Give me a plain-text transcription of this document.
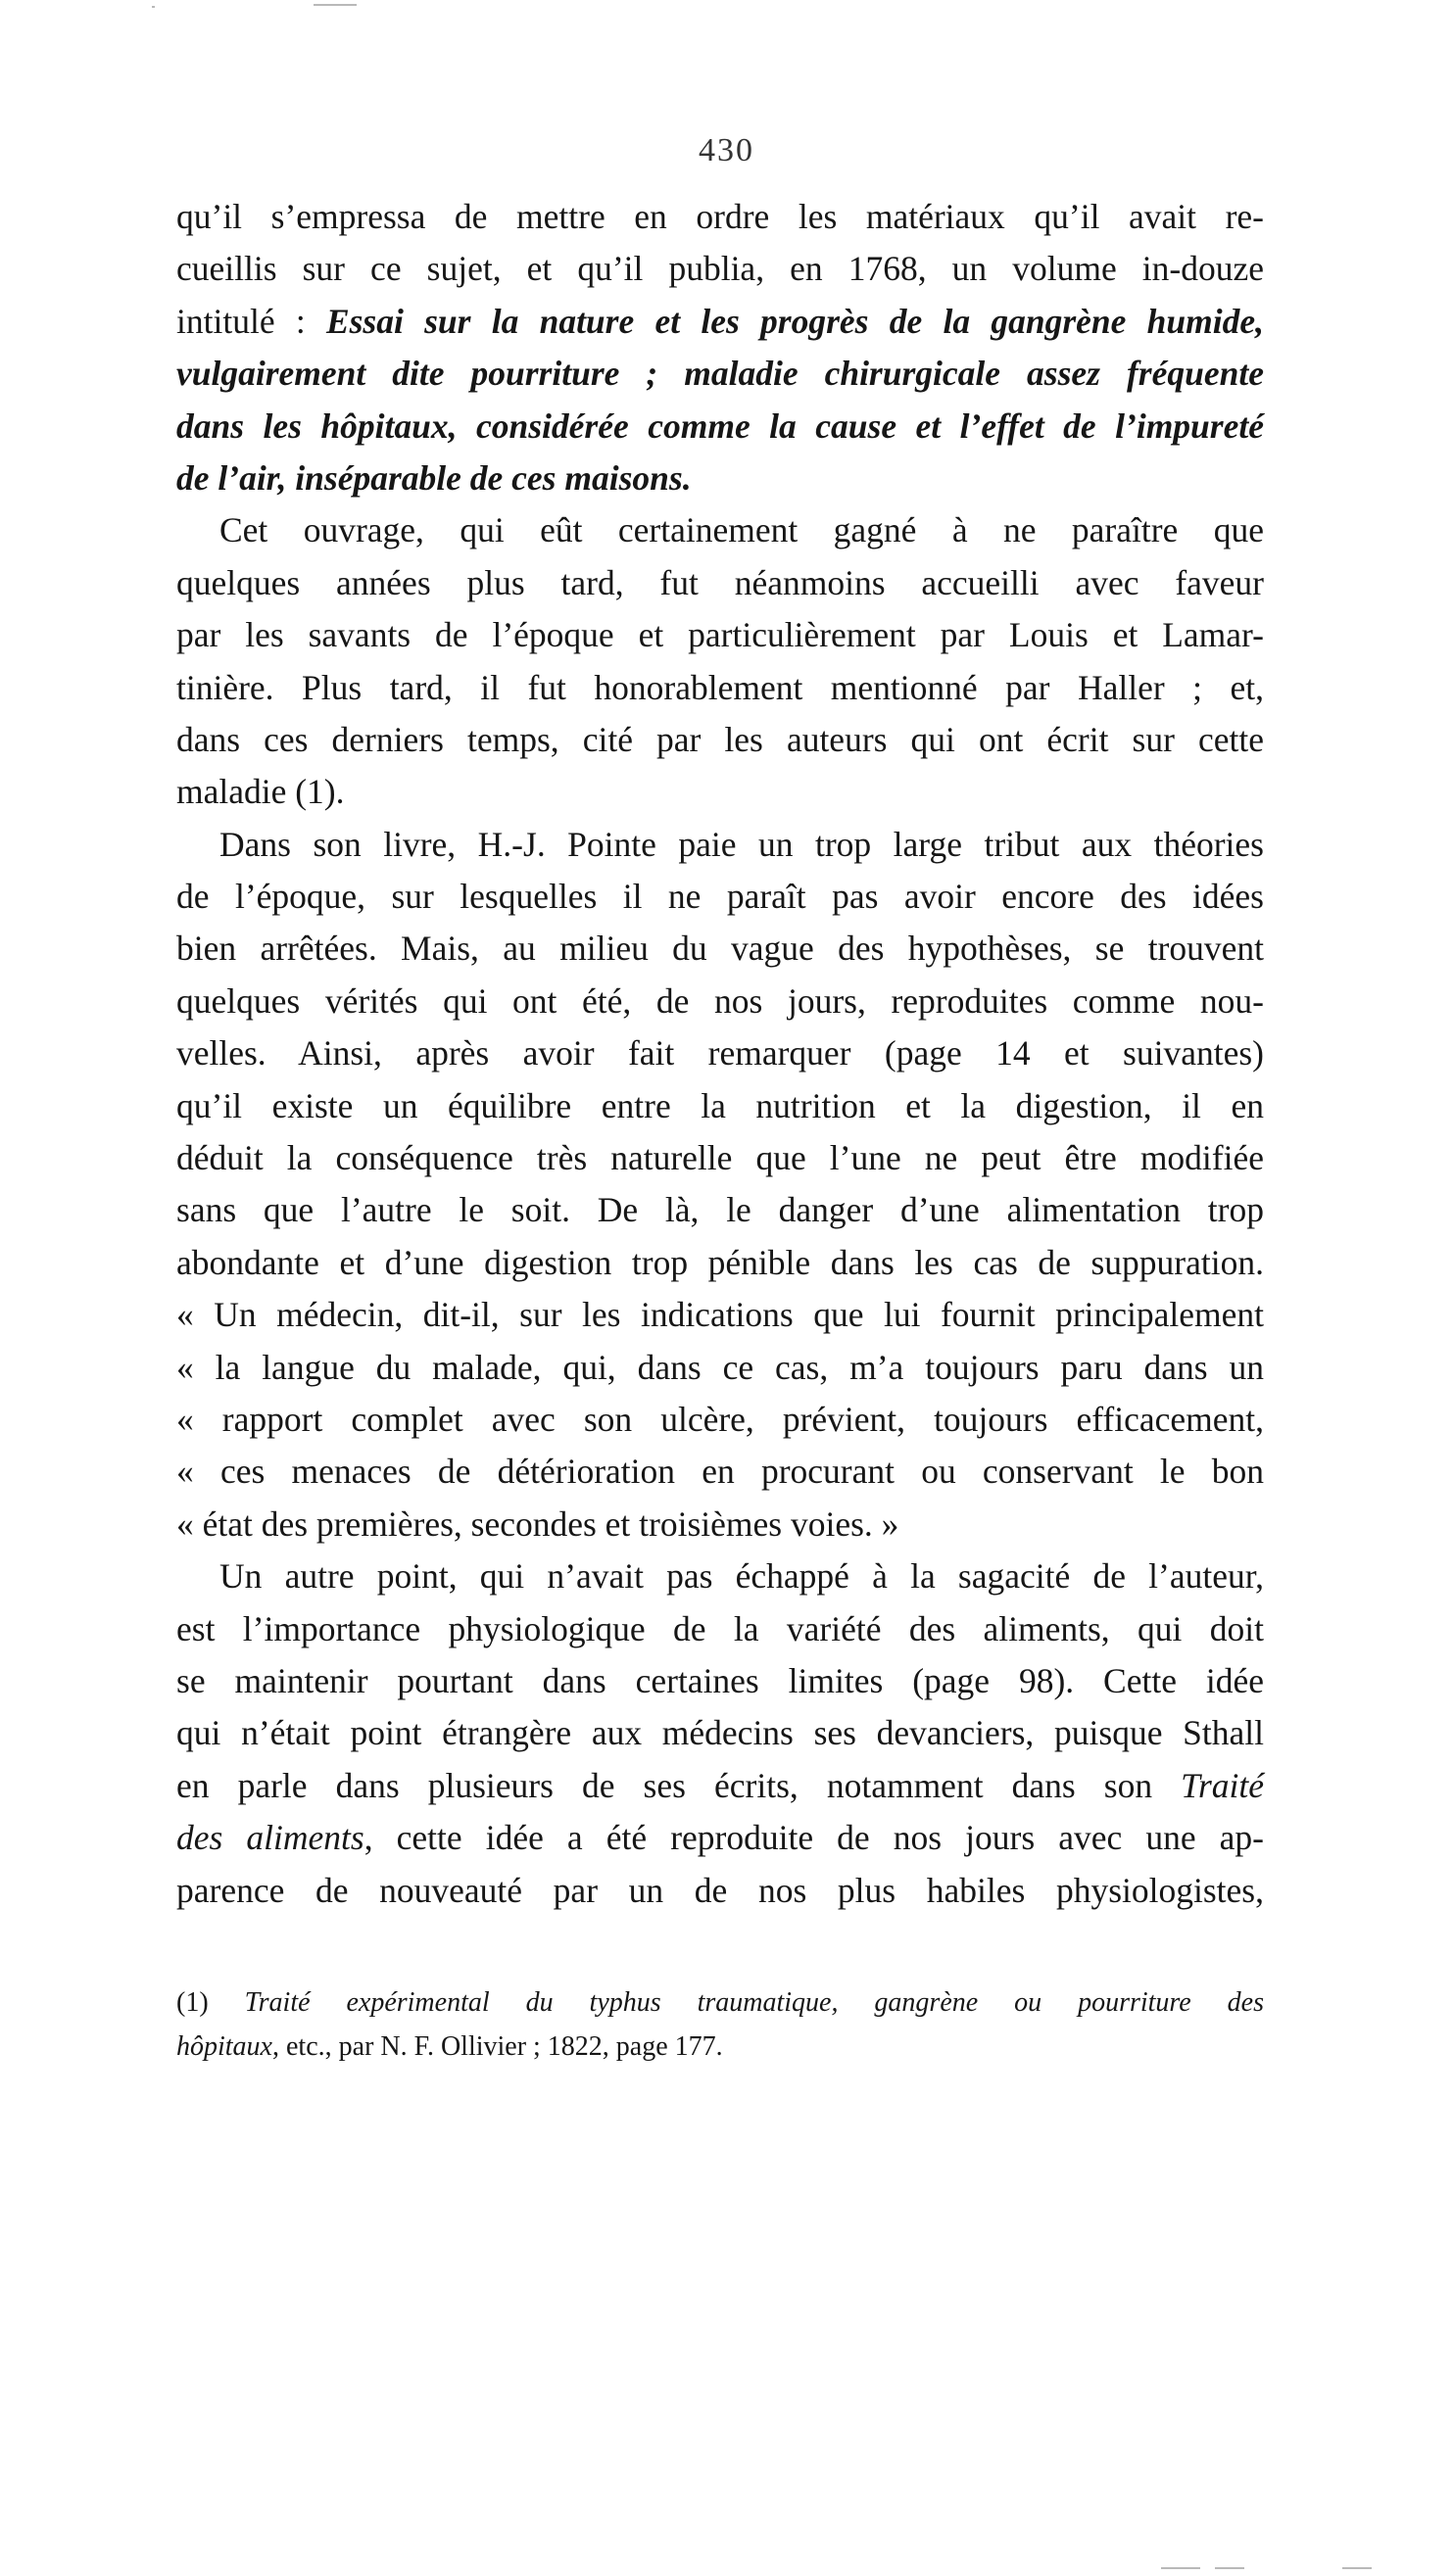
430
qu’il s’empressa de mettre en ordre les matériaux qu’il avait re-
cueillis sur ce sujet, et qu’il publia, en 1768, un volume in-douze
intitulé : Essai sur la nature et les progrès de la gangrène humide,
vulgairement dite pourriture ; maladie chirurgicale assez fréquente
dans les hôpitaux, considérée comme la cause et l’effet de l’impureté
de l’air, inséparable de ces maisons.
Cet ouvrage, qui eût certainement gagné à ne paraître que
quelques années plus tard, fut néanmoins accueilli avec faveur
par les savants de l’époque et particulièrement par Louis et Lamar-
tinière. Plus tard, il fut honorablement mentionné par Haller ; et,
dans ces derniers temps, cité par les auteurs qui ont écrit sur cette
maladie (1).
Dans son livre, H.-J. Pointe paie un trop large tribut aux théories
de l’époque, sur lesquelles il ne paraît pas avoir encore des idées
bien arrêtées. Mais, au milieu du vague des hypothèses, se trouvent
quelques vérités qui ont été, de nos jours, reproduites comme nou-
velles. Ainsi, après avoir fait remarquer (page 14 et suivantes)
qu’il existe un équilibre entre la nutrition et la digestion, il en
déduit la conséquence très naturelle que l’une ne peut être modifiée
sans que l’autre le soit. De là, le danger d’une alimentation trop
abondante et d’une digestion trop pénible dans les cas de suppuration.
« Un médecin, dit-il, sur les indications que lui fournit principalement
« la langue du malade, qui, dans ce cas, m’a toujours paru dans un
« rapport complet avec son ulcère, prévient, toujours efficacement,
« ces menaces de détérioration en procurant ou conservant le bon
« état des premières, secondes et troisièmes voies. »
Un autre point, qui n’avait pas échappé à la sagacité de l’auteur,
est l’importance physiologique de la variété des aliments, qui doit
se maintenir pourtant dans certaines limites (page 98). Cette idée
qui n’était point étrangère aux médecins ses devanciers, puisque Sthall
en parle dans plusieurs de ses écrits, notamment dans son Traité
des aliments, cette idée a été reproduite de nos jours avec une ap-
parence de nouveauté par un de nos plus habiles physiologistes,
(1) Traité expérimental du typhus traumatique, gangrène ou pourriture des
hôpitaux, etc., par N. F. Ollivier ; 1822, page 177.
